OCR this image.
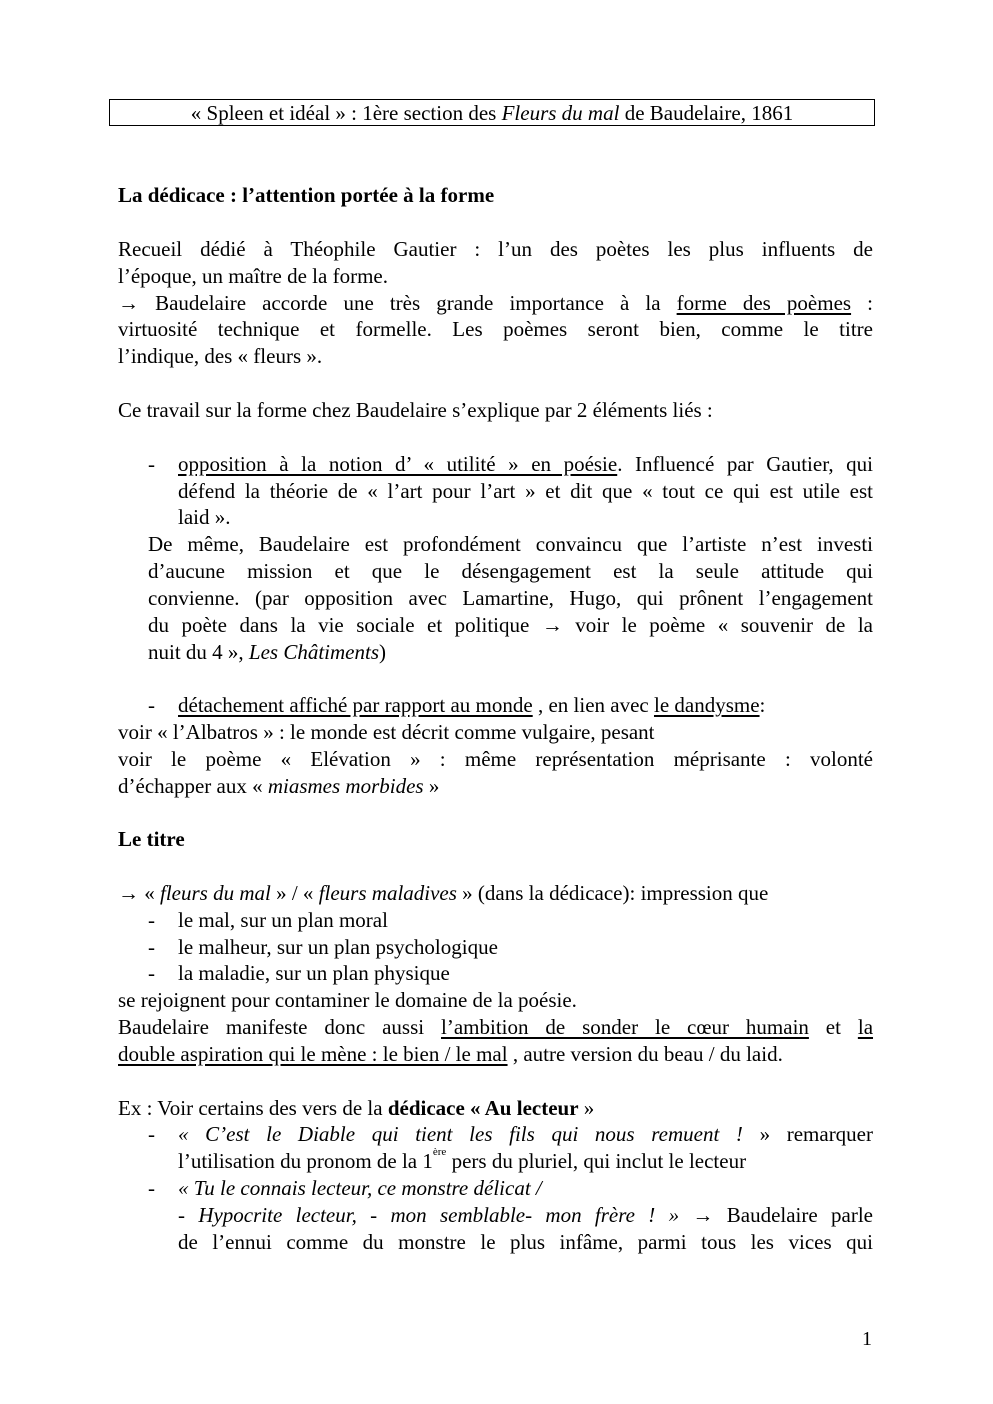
« Spleen et idéal » : 1ère section des Fleurs du mal de Baudelaire, 1861

La dédicace : l’attention portée à la forme

Recueil dédié à Théophile Gautier : l’un des poètes les plus influents de

l’époque, un maître de la forme.

→ Baudelaire accorde une très grande importance à la forme des poèmes :

virtuosité technique et formelle. Les poèmes seront bien, comme le titre

l’indique, des « fleurs ».

Ce travail sur la forme chez Baudelaire s’explique par 2 éléments liés :

-	opposition à la notion d’ « utilité » en poésie. Influencé par Gautier, qui

défend la théorie de « l’art pour l’art » et dit que « tout ce qui est utile est

laid ».

De même, Baudelaire est profondément convaincu que l’artiste n’est investi

d’aucune mission et que le désengagement est la seule attitude qui

convienne. (par opposition avec Lamartine, Hugo, qui prônent l’engagement

du poète dans la vie sociale et politique → voir le poème « souvenir de la

nuit du 4 », Les Châtiments)

-	détachement affiché par rapport au monde , en lien avec le dandysme:

voir « l’Albatros » : le monde est décrit comme vulgaire, pesant

voir le poème « Elévation » : même représentation méprisante : volonté

d’échapper aux « miasmes morbides »

Le titre

→ « fleurs du mal » / « fleurs maladives » (dans la dédicace): impression que

-	le mal, sur un plan moral

-	le malheur, sur un plan psychologique

-	la maladie, sur un plan physique

se rejoignent pour contaminer le domaine de la poésie.

Baudelaire manifeste donc aussi l’ambition de sonder le cœur humain et la

double aspiration qui le mène : le bien / le mal , autre version du beau / du laid.

Ex : Voir certains des vers de la dédicace « Au lecteur »

-	« C’est le Diable qui tient les fils qui nous remuent ! » remarquer

l’utilisation du pronom de la 1ère pers du pluriel, qui inclut le lecteur

-	« Tu le connais lecteur, ce monstre délicat /

- Hypocrite lecteur, - mon semblable- mon frère ! » → Baudelaire parle

de l’ennui comme du monstre le plus infâme, parmi tous les vices qui

1
